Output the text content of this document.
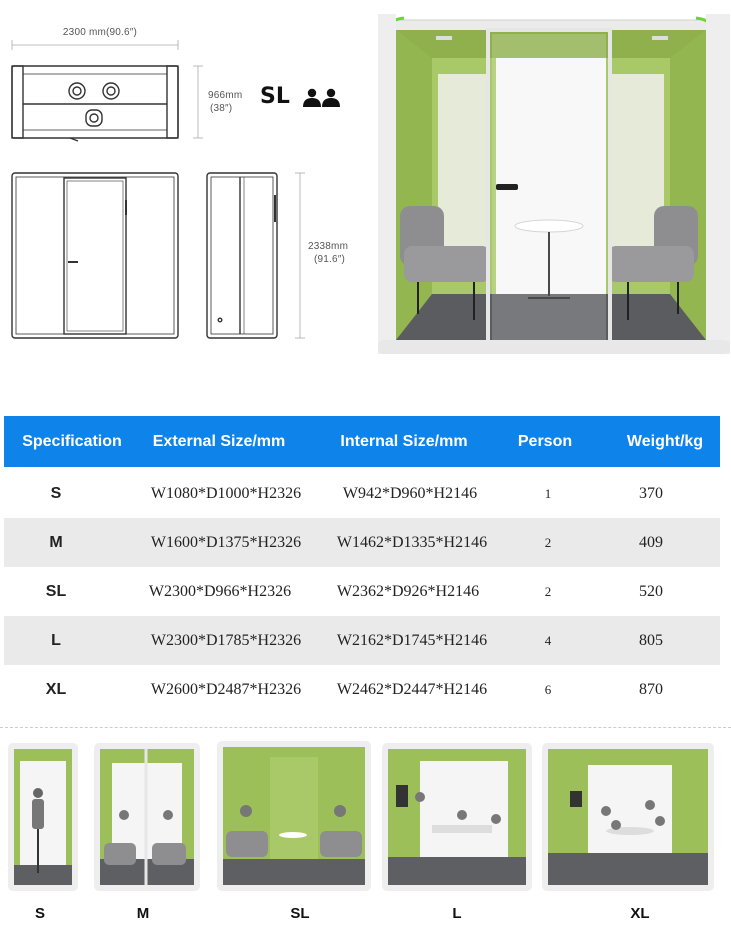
2300 mm(90.6″)
966mm
(38″) SL
2338mm
(91.6″)
Specification	External Size/mm	Internal Size/mm	Person	Weight/kg
S	W1080*D1000*H2326	W942*D960*H2146	1	370
M	W1600*D1375*H2326	W1462*D1335*H2146	2	409
SL	W2300*D966*H2326	W2362*D926*H2146	2	520
L	W2300*D1785*H2326	W2162*D1745*H2146	4	805
XL	W2600*D2487*H2326	W2462*D2447*H2146	6	870
S	M	SL	L	XL
